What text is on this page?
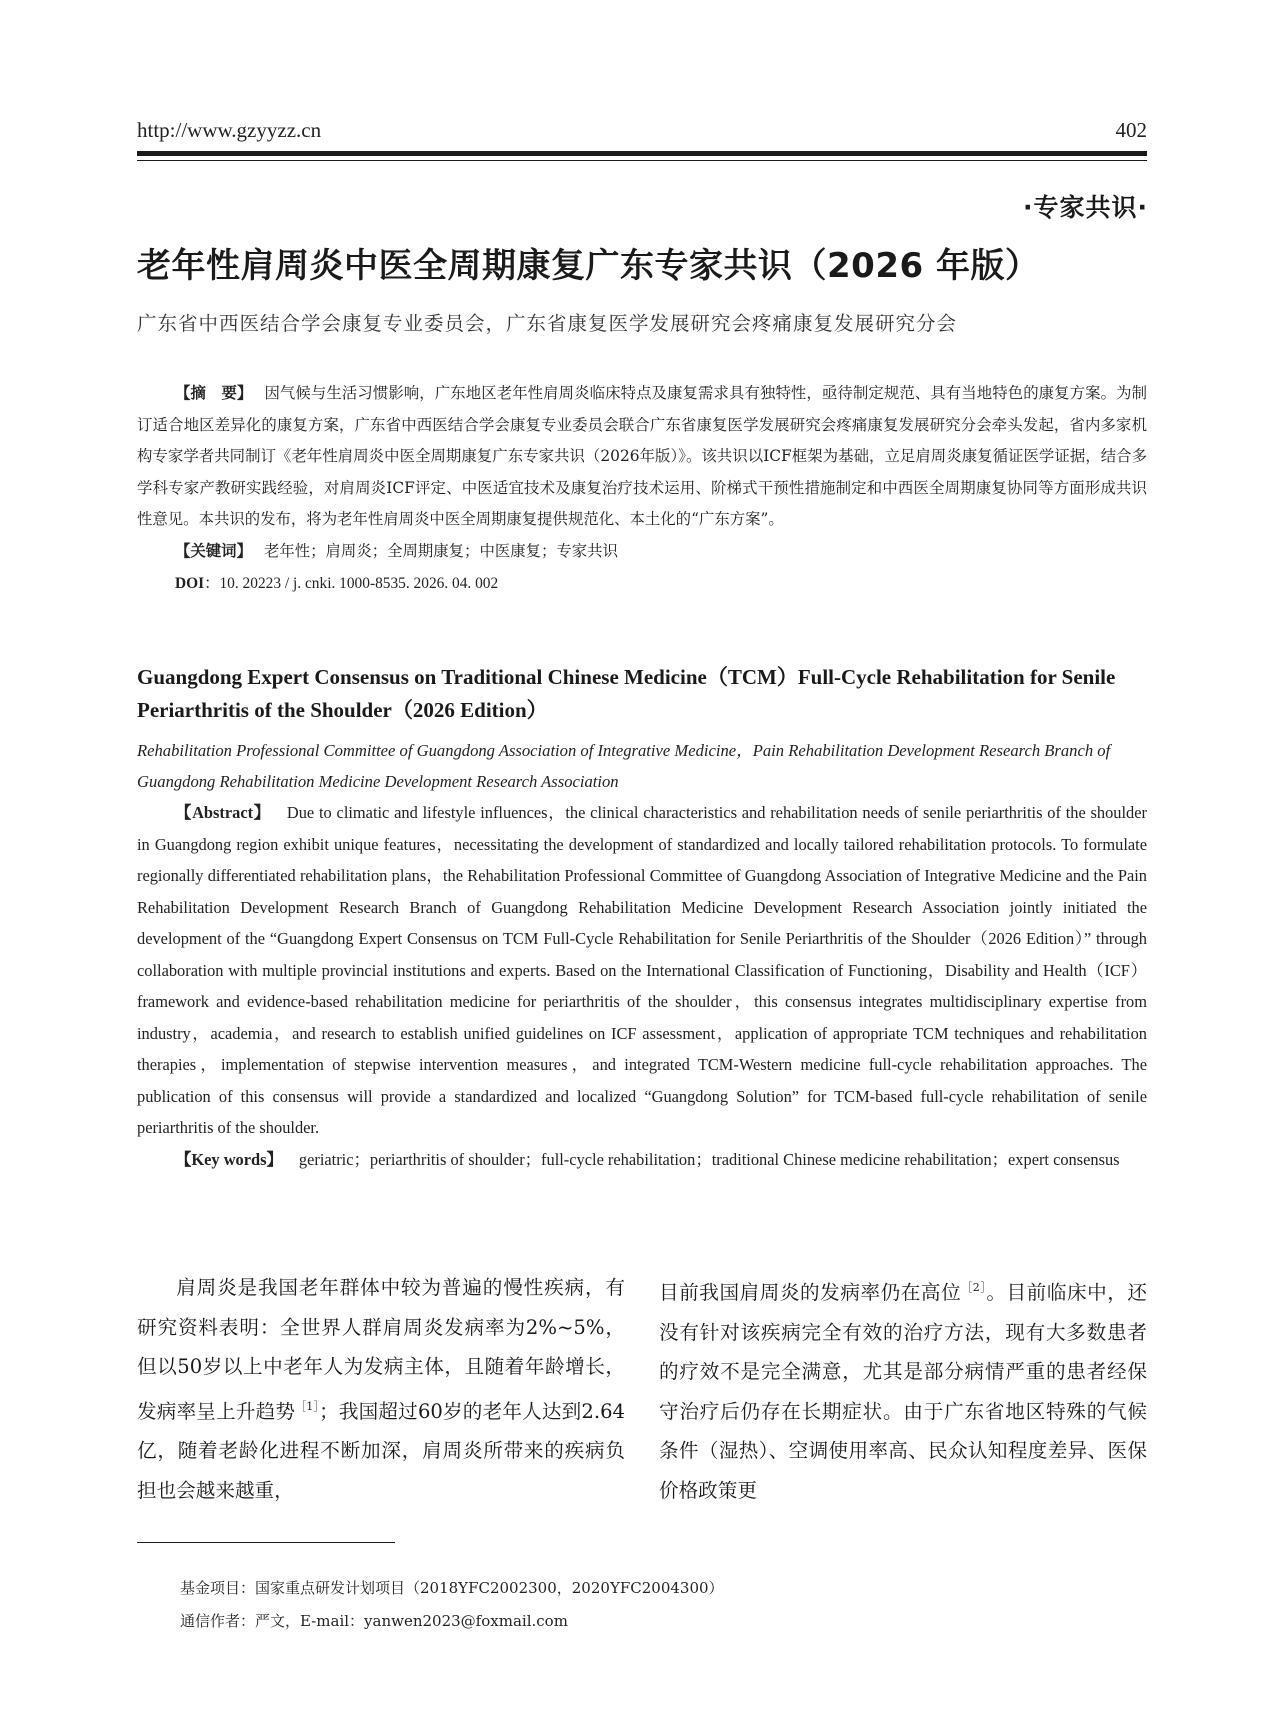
http://www.gzyyzz.cn	402
·专家共识·
老年性肩周炎中医全周期康复广东专家共识（2026 年版）
广东省中西医结合学会康复专业委员会，广东省康复医学发展研究会疼痛康复发展研究分会
【摘　要】 因气候与生活习惯影响，广东地区老年性肩周炎临床特点及康复需求具有独特性，亟待制定规范、具有当地特色的康复方案。为制订适合地区差异化的康复方案，广东省中西医结合学会康复专业委员会联合广东省康复医学发展研究会疼痛康复发展研究分会牵头发起，省内多家机构专家学者共同制订《老年性肩周炎中医全周期康复广东专家共识（2026年版）》。该共识以ICF框架为基础，立足肩周炎康复循证医学证据，结合多学科专家产教研实践经验，对肩周炎ICF评定、中医适宜技术及康复治疗技术运用、阶梯式干预性措施制定和中西医全周期康复协同等方面形成共识性意见。本共识的发布，将为老年性肩周炎中医全周期康复提供规范化、本土化的“广东方案”。
【关键词】 老年性；肩周炎；全周期康复；中医康复；专家共识
DOI：10. 20223 / j. cnki. 1000-8535. 2026. 04. 002
Guangdong Expert Consensus on Traditional Chinese Medicine（TCM）Full-Cycle Rehabilitation for Senile Periarthritis of the Shoulder（2026 Edition）
Rehabilitation Professional Committee of Guangdong Association of Integrative Medicine，Pain Rehabilitation Development Research Branch of Guangdong Rehabilitation Medicine Development Research Association
【Abstract】 Due to climatic and lifestyle influences，the clinical characteristics and rehabilitation needs of senile periarthritis of the shoulder in Guangdong region exhibit unique features，necessitating the development of standardized and locally tailored rehabilitation protocols. To formulate regionally differentiated rehabilitation plans，the Rehabilitation Professional Committee of Guangdong Association of Integrative Medicine and the Pain Rehabilitation Development Research Branch of Guangdong Rehabilitation Medicine Development Research Association jointly initiated the development of the “Guangdong Expert Consensus on TCM Full-Cycle Rehabilitation for Senile Periarthritis of the Shoulder（2026 Edition）” through collaboration with multiple provincial institutions and experts. Based on the International Classification of Functioning，Disability and Health（ICF）framework and evidence-based rehabilitation medicine for periarthritis of the shoulder，this consensus integrates multidisciplinary expertise from industry，academia，and research to establish unified guidelines on ICF assessment，application of appropriate TCM techniques and rehabilitation therapies，implementation of stepwise intervention measures，and integrated TCM-Western medicine full-cycle rehabilitation approaches. The publication of this consensus will provide a standardized and localized “Guangdong Solution” for TCM-based full-cycle rehabilitation of senile periarthritis of the shoulder.
【Key words】 geriatric；periarthritis of shoulder；full-cycle rehabilitation；traditional Chinese medicine rehabilitation；expert consensus

肩周炎是我国老年群体中较为普遍的慢性疾病，有研究资料表明：全世界人群肩周炎发病率为2%~5%，但以50岁以上中老年人为发病主体，且随着年龄增长，发病率呈上升趋势$^{[1]}$；我国超过60岁的老年人达到2.64亿，随着老龄化进程不断加深，肩周炎所带来的疾病负担也会越来越重，

目前我国肩周炎的发病率仍在高位$^{[2]}$。目前临床中，还没有针对该疾病完全有效的治疗方法，现有大多数患者的疗效不是完全满意，尤其是部分病情严重的患者经保守治疗后仍存在长期症状。由于广东省地区特殊的气候条件（湿热）、空调使用率高、民众认知程度差异、医保价格政策更

基金项目：国家重点研发计划项目（2018YFC2002300，2020YFC2004300）
通信作者：严文，E-mail：yanwen2023@foxmail.com
